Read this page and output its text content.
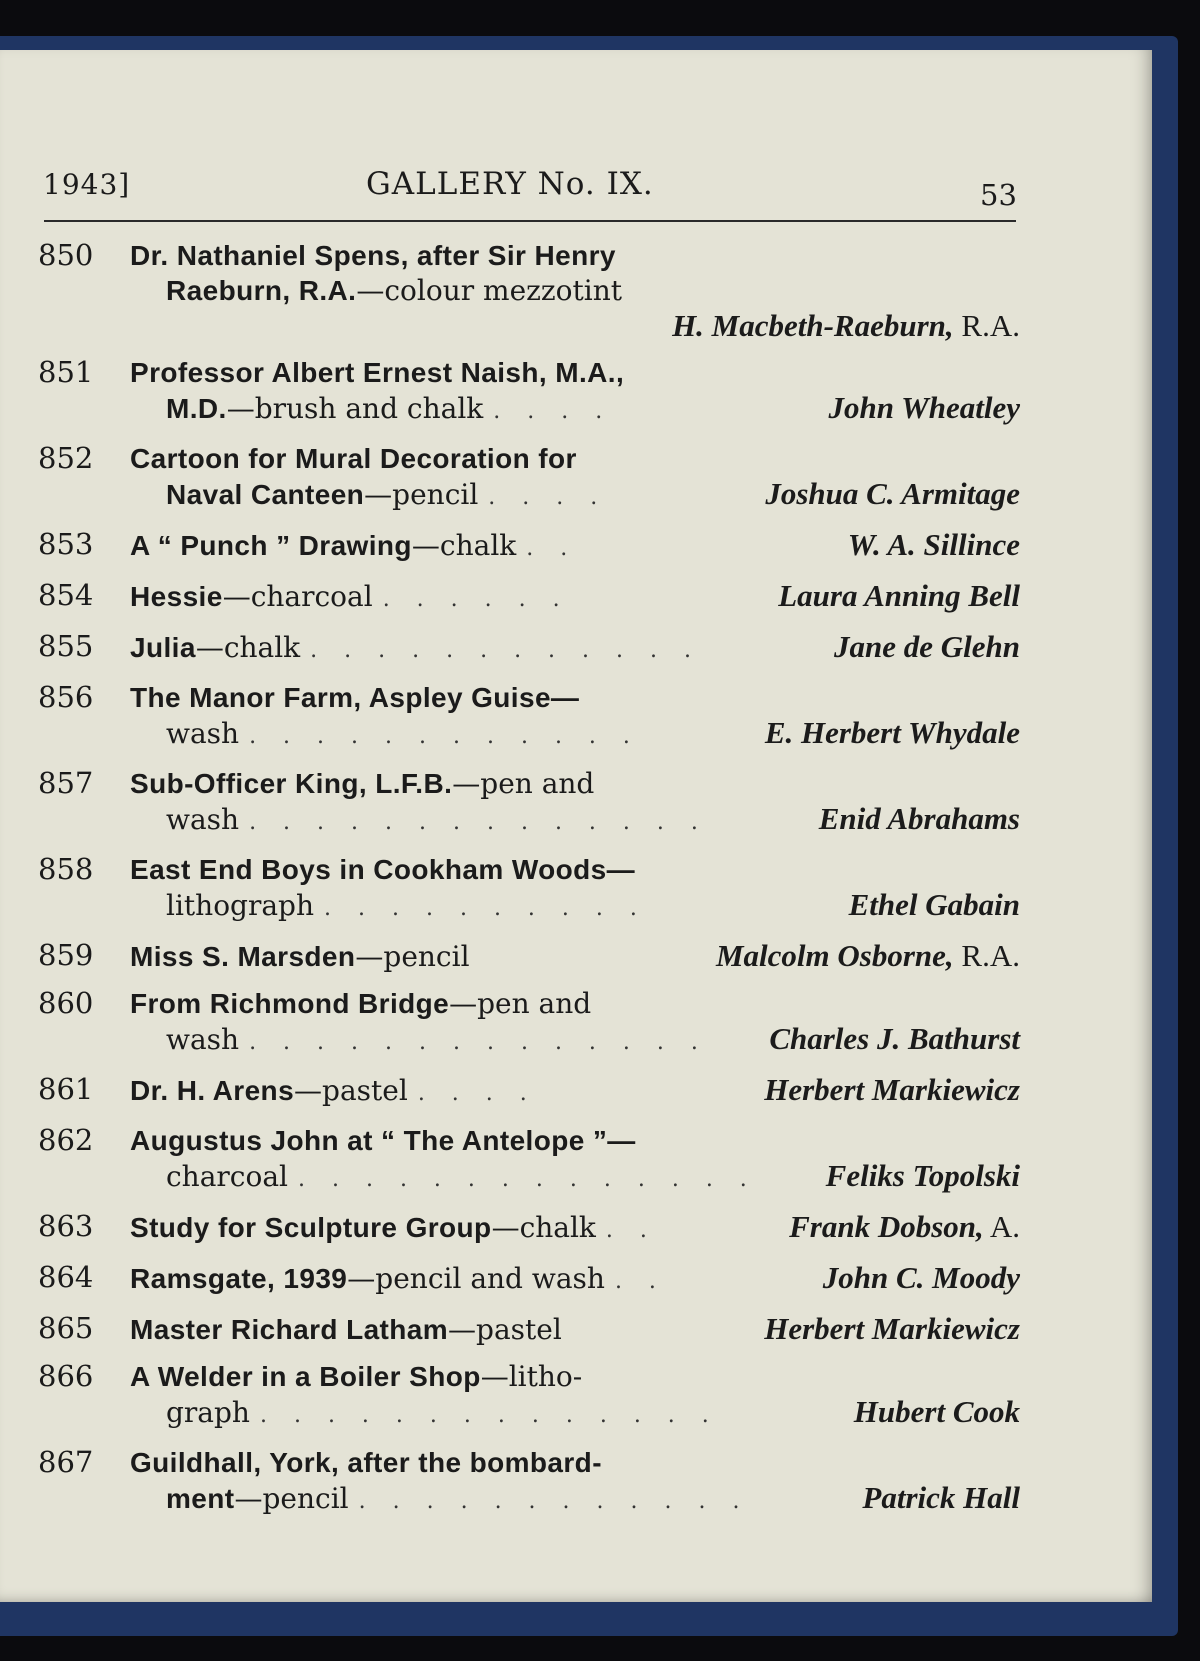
1943]	GALLERY No. IX.	53
850	Dr. Nathaniel Spens, after Sir Henry
Raeburn, R.A. —colour mezzotint
H. Macbeth-Raeburn, R.A.
851	Professor Albert Ernest Naish, M.A.,
M.D. —brush and chalk . . . .	John Wheatley
852	Cartoon for Mural Decoration for
Naval Canteen —pencil . . . .	Joshua C. Armitage
853	A “ Punch ” Drawing —chalk . .	W. A. Sillince
854	Hessie —charcoal . . . . . .	Laura Anning Bell
855	Julia —chalk . . . . . . . . . . . .	Jane de Glehn
856	The Manor Farm, Aspley Guise—
wash . . . . . . . . . . . .	E. Herbert Whydale
857	Sub-Officer King, L.F.B. —pen and
wash . . . . . . . . . . . . . .	Enid Abrahams
858	East End Boys in Cookham Woods—
lithograph . . . . . . . . . .	Ethel Gabain
859	Miss S. Marsden —pencil	Malcolm Osborne, R.A.
860	From Richmond Bridge —pen and
wash . . . . . . . . . . . . . .	Charles J. Bathurst
861	Dr. H. Arens —pastel . . . .	Herbert Markiewicz
862	Augustus John at “ The Antelope ”—
charcoal . . . . . . . . . . . . . .	Feliks Topolski
863	Study for Sculpture Group —chalk . .	Frank Dobson, A.
864	Ramsgate, 1939 —pencil and wash . .	John C. Moody
865	Master Richard Latham —pastel	Herbert Markiewicz
866	A Welder in a Boiler Shop —litho-
graph . . . . . . . . . . . . . .	Hubert Cook
867	Guildhall, York, after the bombard-
ment —pencil . . . . . . . . . . . .	Patrick Hall
